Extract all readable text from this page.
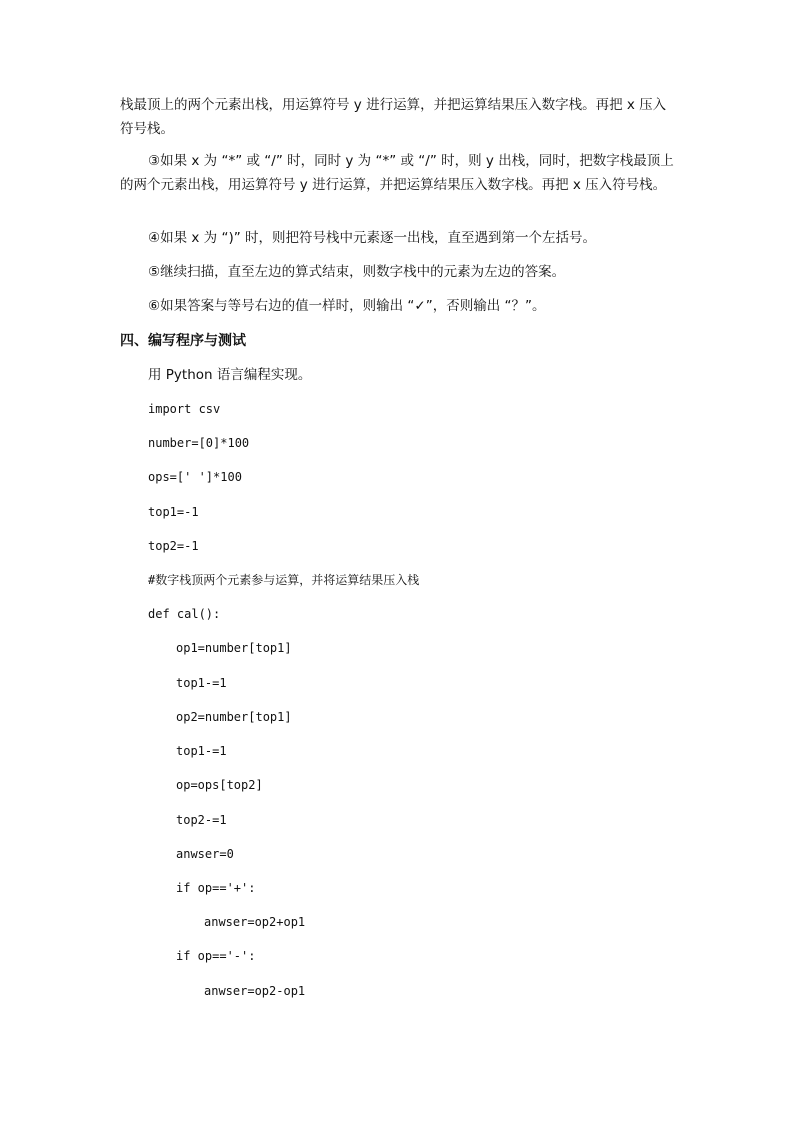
栈最顶上的两个元素出栈，用运算符号 y 进行运算，并把运算结果压入数字栈。再把 x 压入符号栈。

③如果 x 为 “*” 或 “/” 时，同时 y 为 “*” 或 “/” 时，则 y 出栈，同时，把数字栈最顶上的两个元素出栈，用运算符号 y 进行运算，并把运算结果压入数字栈。再把 x 压入符号栈。

④如果 x 为 “)” 时，则把符号栈中元素逐一出栈，直至遇到第一个左括号。

⑤继续扫描，直至左边的算式结束，则数字栈中的元素为左边的答案。

⑥如果答案与等号右边的值一样时，则输出 “✓”，否则输出 “？”。

四、编写程序与测试

用 Python 语言编程实现。

import csv
number=[0]*100
ops=[' ']*100
top1=-1
top2=-1
#数字栈顶两个元素参与运算，并将运算结果压入栈
def cal():
op1=number[top1]
top1-=1
op2=number[top1]
top1-=1
op=ops[top2]
top2-=1
anwser=0
if op=='+':
anwser=op2+op1
if op=='-':
anwser=op2-op1
